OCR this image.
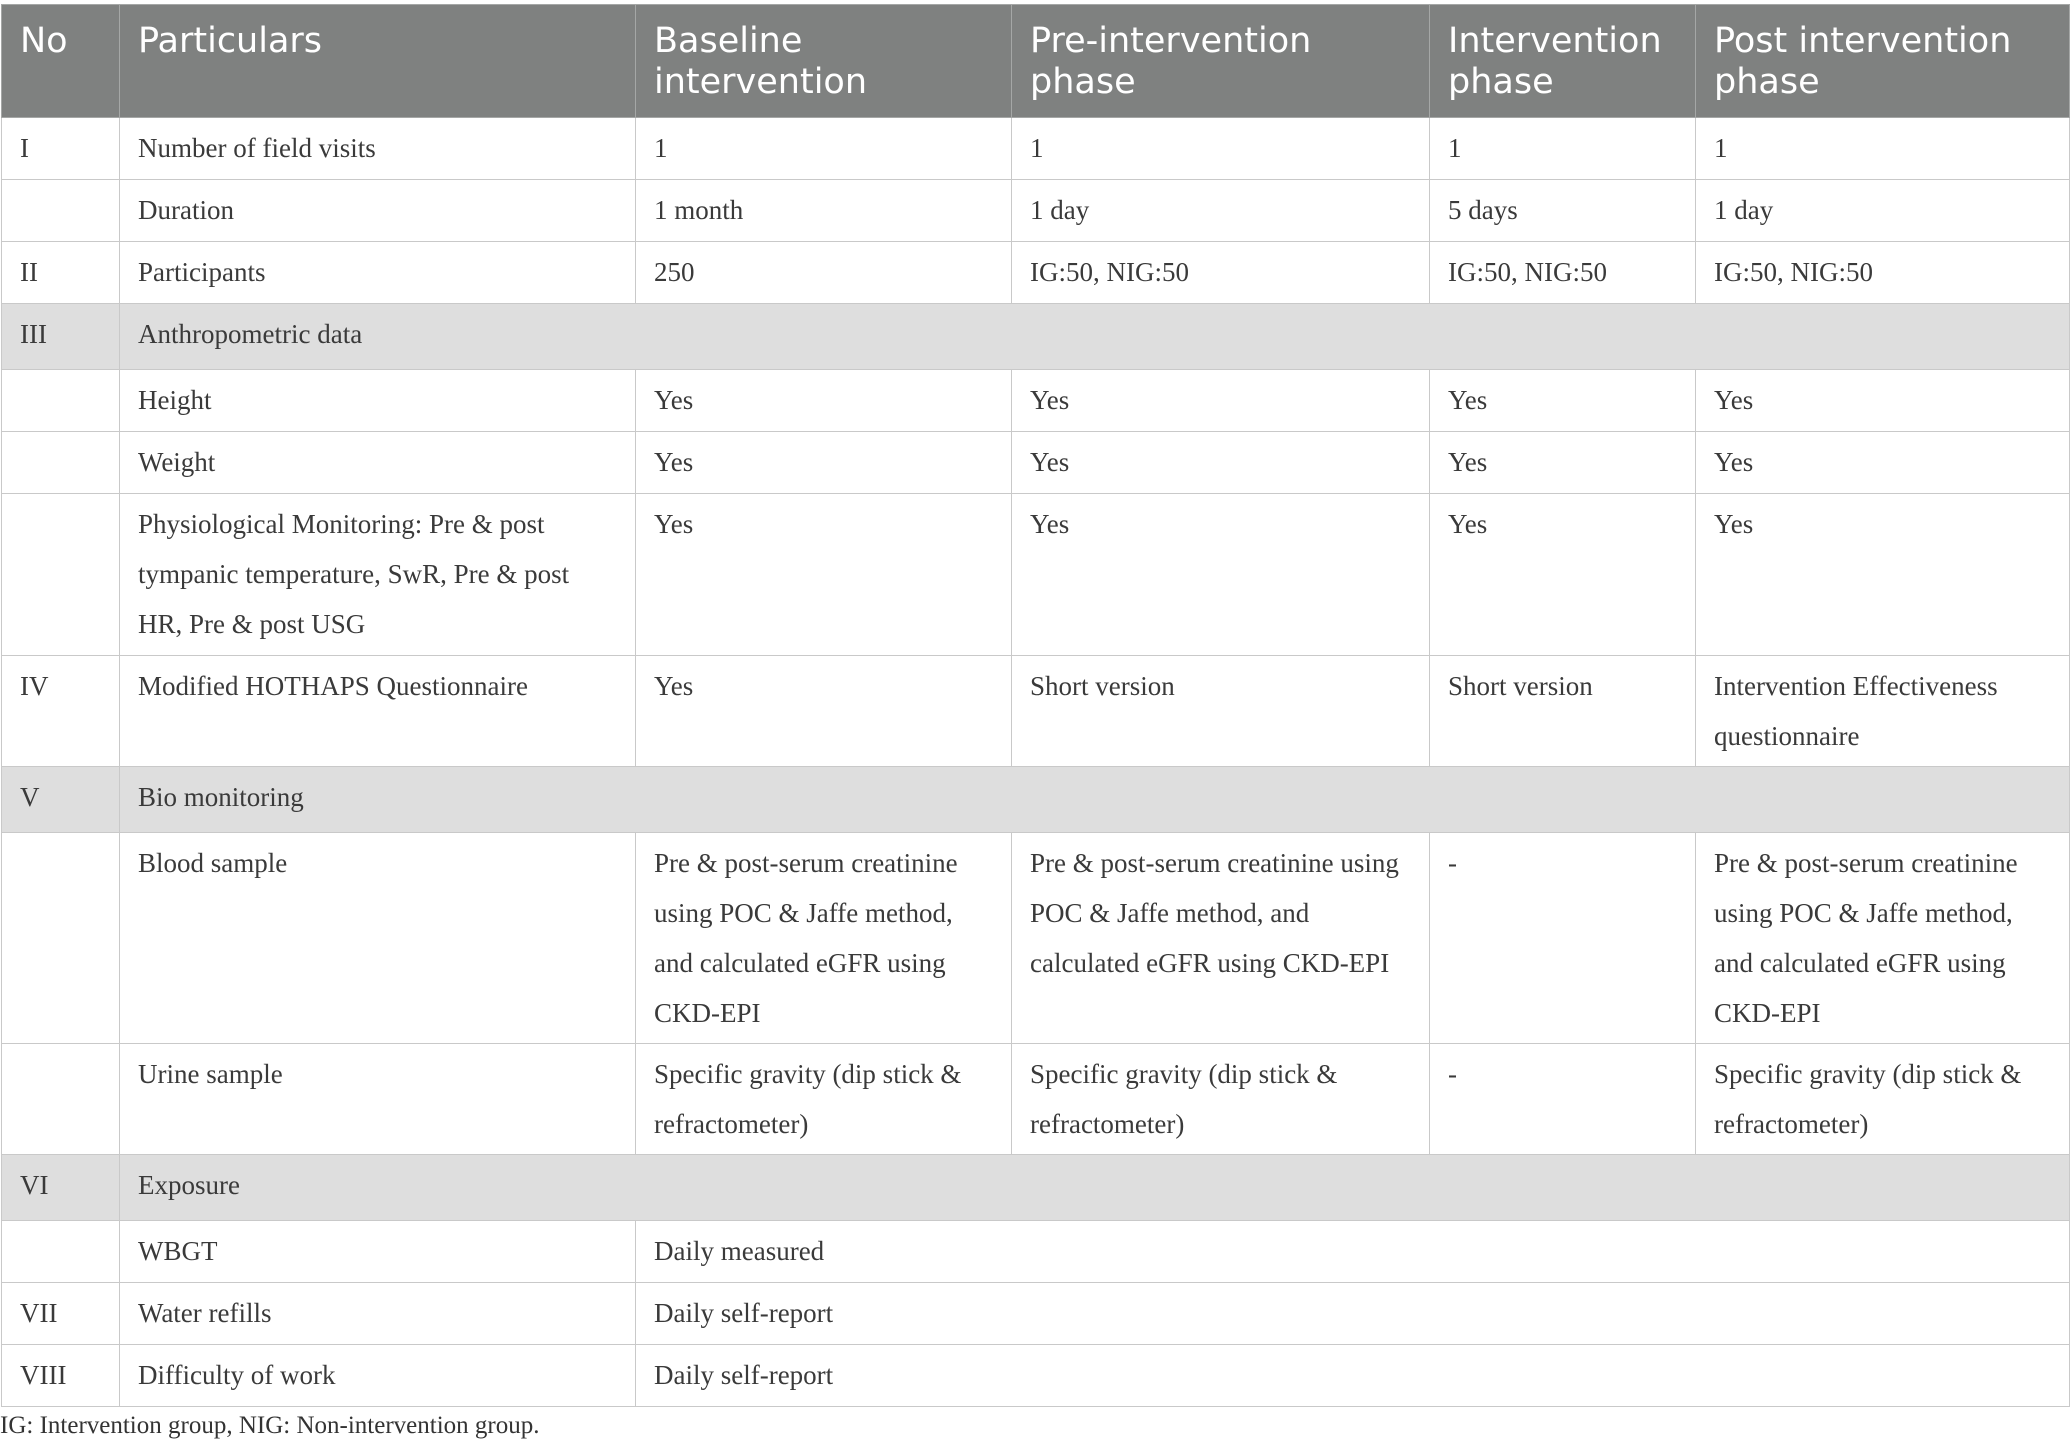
No	Particulars	Baseline intervention	Pre-intervention phase	Intervention phase	Post intervention phase
I	Number of field visits	1	1	1	1
	Duration	1 month	1 day	5 days	1 day
II	Participants	250	IG:50, NIG:50	IG:50, NIG:50	IG:50, NIG:50
III	Anthropometric data				
	Height	Yes	Yes	Yes	Yes
	Weight	Yes	Yes	Yes	Yes
	Physiological Monitoring: Pre & post tympanic temperature, SwR, Pre & post HR, Pre & post USG	Yes	Yes	Yes	Yes
IV	Modified HOTHAPS Questionnaire	Yes	Short version	Short version	Intervention Effectiveness questionnaire
V	Bio monitoring				
	Blood sample	Pre & post-serum creatinine using POC & Jaffe method, and calculated eGFR using CKD-EPI	Pre & post-serum creatinine using POC & Jaffe method, and calculated eGFR using CKD-EPI	-	Pre & post-serum creatinine using POC & Jaffe method, and calculated eGFR using CKD-EPI
	Urine sample	Specific gravity (dip stick & refractometer)	Specific gravity (dip stick & refractometer)	-	Specific gravity (dip stick & refractometer)
VI	Exposure				
	WBGT	Daily measured			
VII	Water refills	Daily self-report			
VIII	Difficulty of work	Daily self-report			
IG: Intervention group, NIG: Non-intervention group.
